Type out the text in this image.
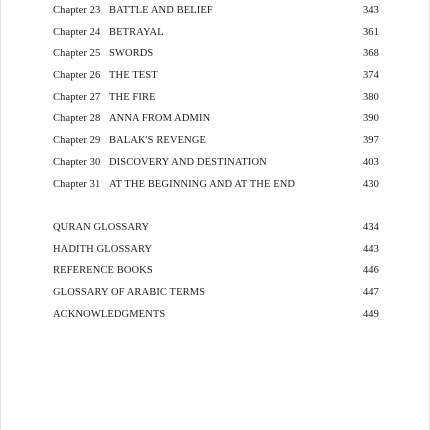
Chapter 23 BATTLE AND BELIEF	343
Chapter 24 BETRAYAL	361
Chapter 25 SWORDS	368
Chapter 26 THE TEST	374
Chapter 27 THE FIRE	380
Chapter 28 ANNA FROM ADMIN	390
Chapter 29 BALAK'S REVENGE	397
Chapter 30 DISCOVERY AND DESTINATION	403
Chapter 31 AT THE BEGINNING AND AT THE END	430
QURAN GLOSSARY	434
HADITH GLOSSARY	443
REFERENCE BOOKS	446
GLOSSARY OF ARABIC TERMS	447
ACKNOWLEDGMENTS	449
